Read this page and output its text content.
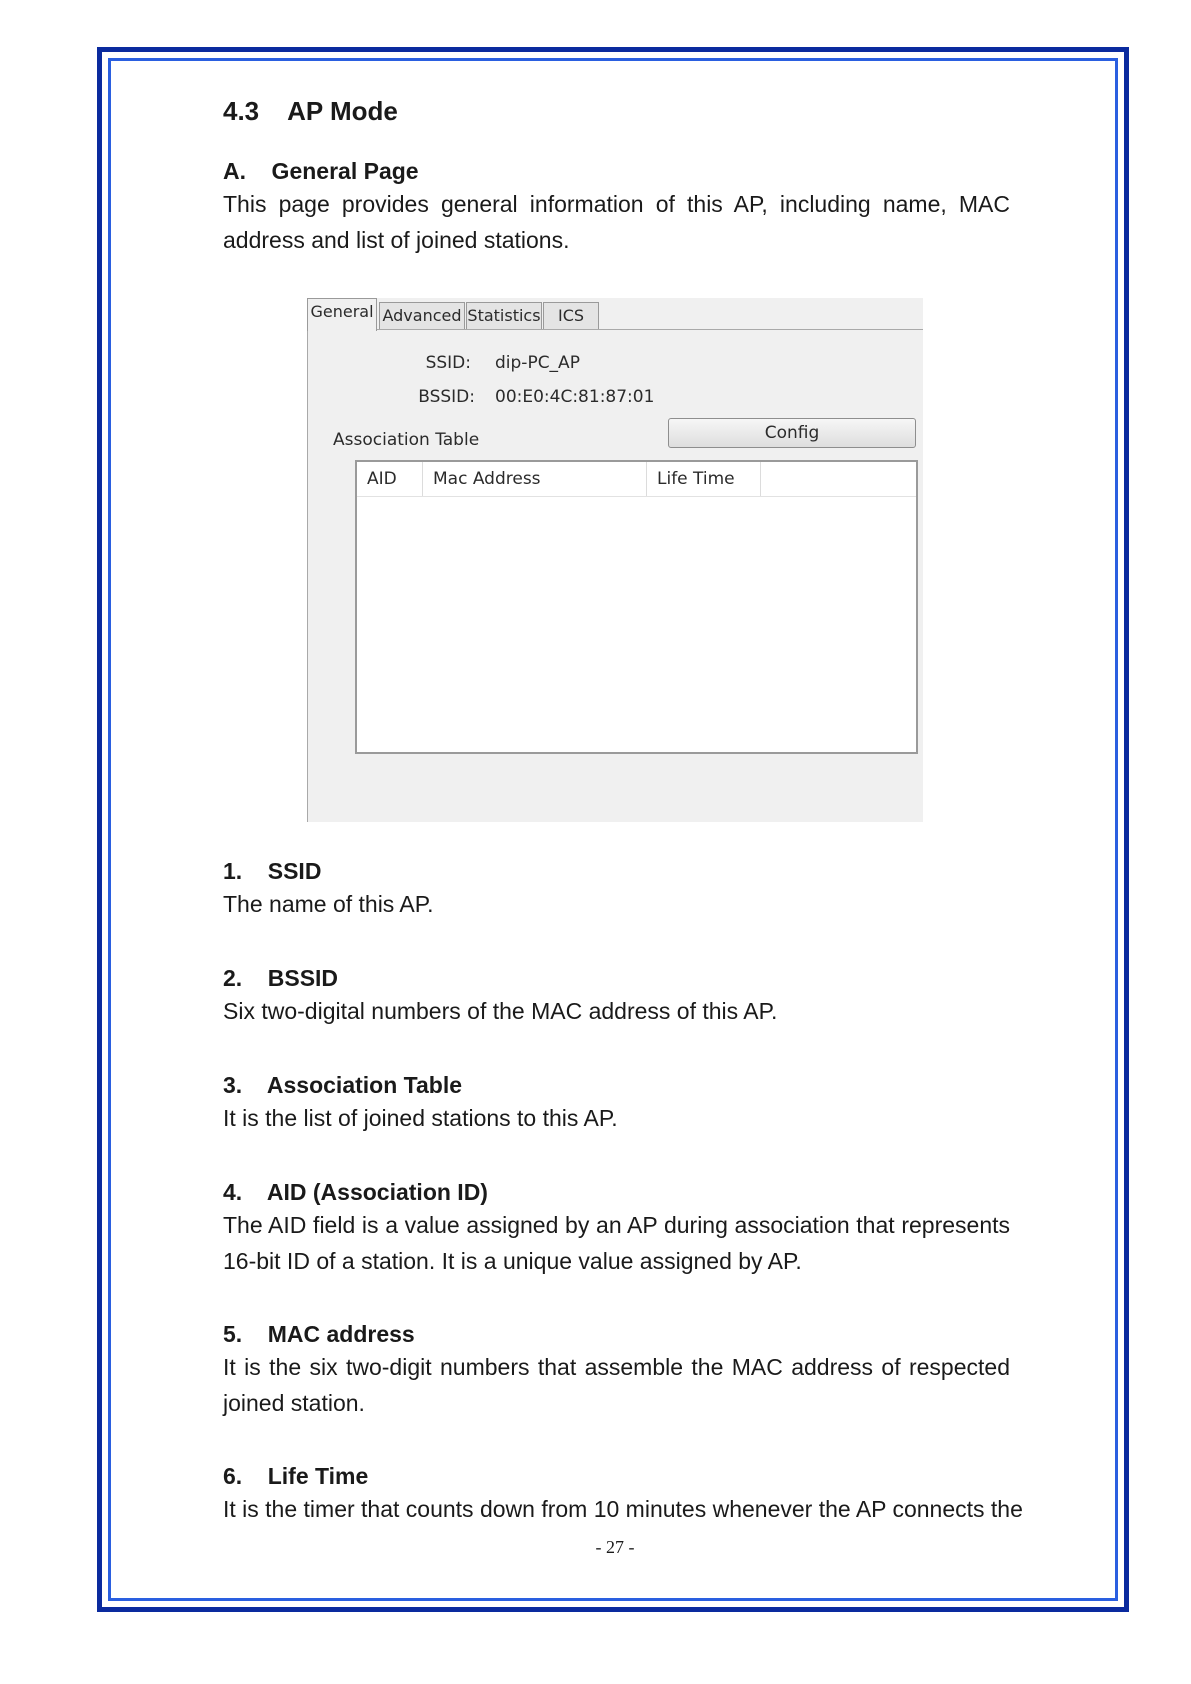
4.3    AP Mode
A.    General Page

This page provides general information of this AP, including name, MAC address and list of joined stations.

General Advanced Statistics	ICS
SSID: dip-PC_AP
BSSID: 00:E0:4C:81:87:01
Association Table	Config
AID	Mac Address	Life Time
1.    SSID

The name of this AP.

2.    BSSID

Six two-digital numbers of the MAC address of this AP.

3.    Association Table

It is the list of joined stations to this AP.

4.    AID (Association ID)

The AID field is a value assigned by an AP during association that represents 16-bit ID of a station. It is a unique value assigned by AP.

5.    MAC address

It is the six two-digit numbers that assemble the MAC address of respected joined station.

6.    Life Time

It is the timer that counts down from 10 minutes whenever the AP connects the

- 27 -
